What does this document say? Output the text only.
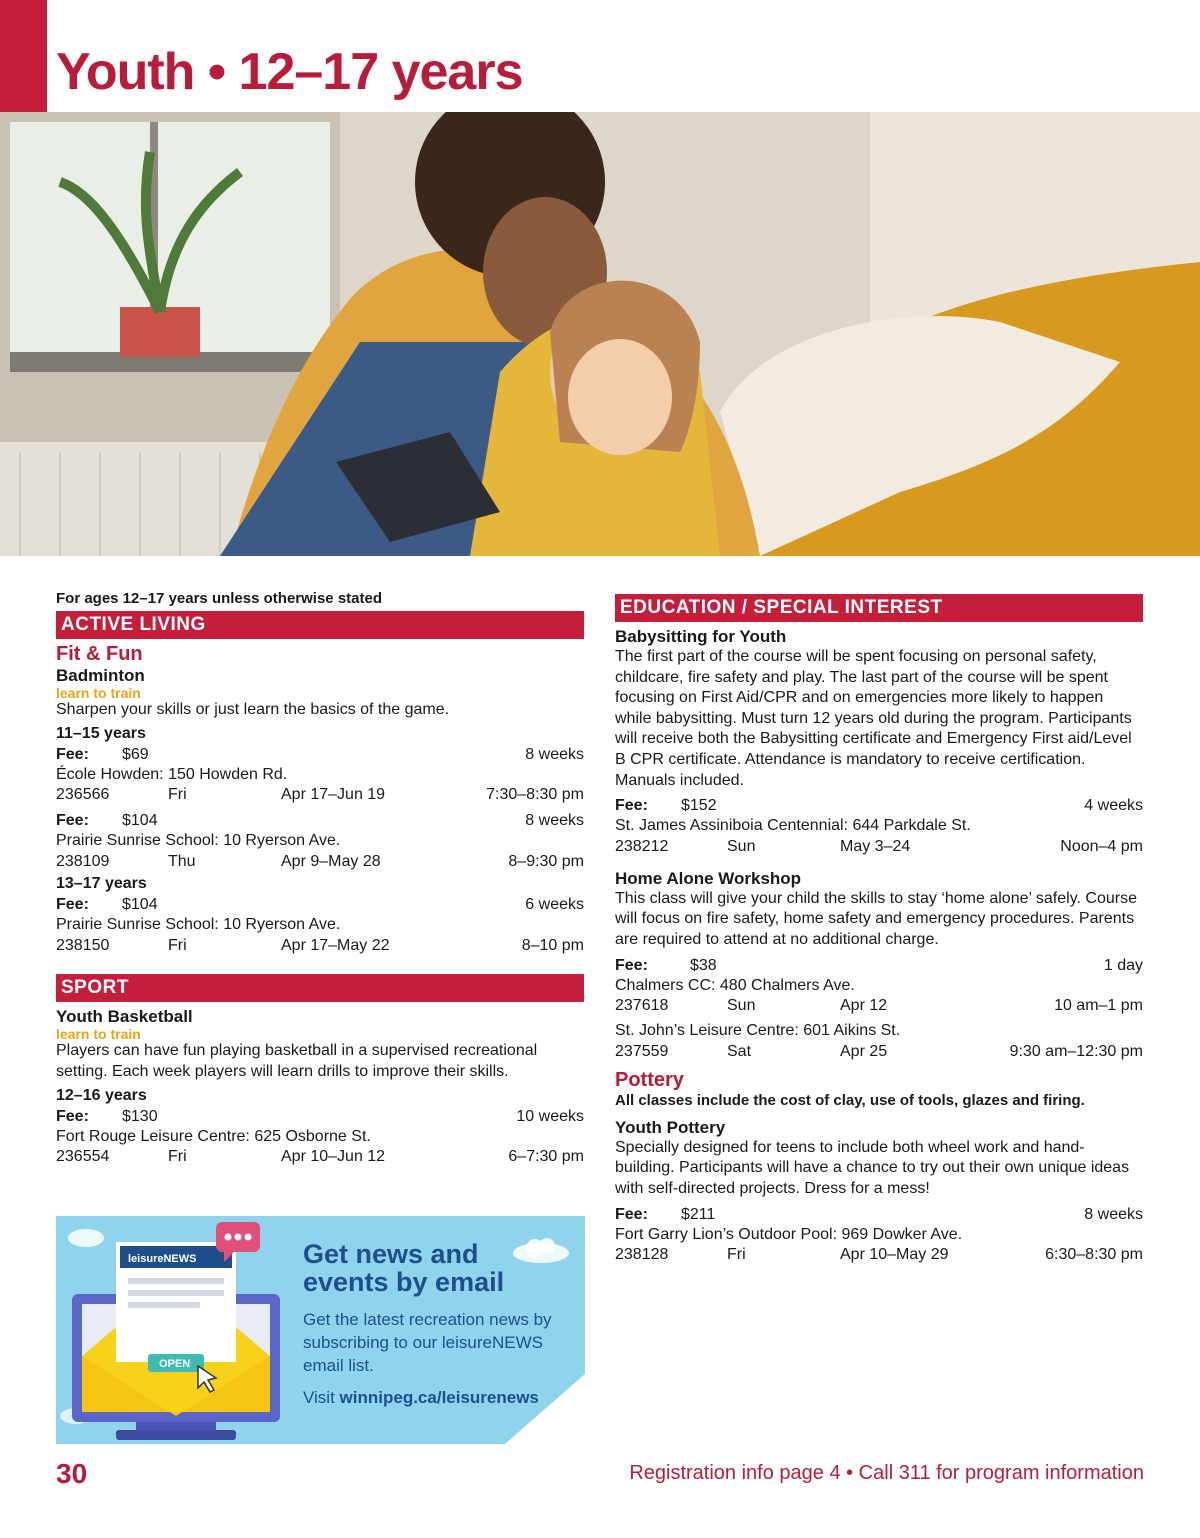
Youth • 12–17 years

For ages 12–17 years unless otherwise stated

ACTIVE LIVING
Fit & Fun
Badminton
learn to train
Sharpen your skills or just learn the basics of the game.
11–15 years
Fee:	$69	8 weeks
École Howden: 150 Howden Rd.
236566	Fri	Apr 17–Jun 19	7:30–8:30 pm
Fee:	$104	8 weeks
Prairie Sunrise School: 10 Ryerson Ave.
238109	Thu	Apr 9–May 28	8–9:30 pm
13–17 years
Fee:	$104	6 weeks
Prairie Sunrise School: 10 Ryerson Ave.
238150	Fri	Apr 17–May 22	8–10 pm
SPORT
Youth Basketball
learn to train
Players can have fun playing basketball in a supervised recreational setting. Each week players will learn drills to improve their skills.
12–16 years
Fee:	$130	10 weeks
Fort Rouge Leisure Centre: 625 Osborne St.
236554	Fri	Apr 10–Jun 12	6–7:30 pm
leisureNEWS
OPEN
Get news and
events by email
Get the latest recreation news by subscribing to our leisureNEWS email list.
Visit winnipeg.ca/leisurenews
EDUCATION / SPECIAL INTEREST
Babysitting for Youth
The first part of the course will be spent focusing on personal safety, childcare, fire safety and play. The last part of the course will be spent focusing on First Aid/CPR and on emergencies more likely to happen while babysitting. Must turn 12 years old during the program. Participants will receive both the Babysitting certificate and Emergency First aid/Level B CPR certificate. Attendance is mandatory to receive certification. Manuals included.
Fee:	$152	4 weeks
St. James Assiniboia Centennial: 644 Parkdale St.
238212	Sun	May 3–24	Noon–4 pm
Home Alone Workshop
This class will give your child the skills to stay ‘home alone’ safely. Course will focus on fire safety, home safety and emergency procedures. Parents are required to attend at no additional charge.
Fee:	$38	1 day
Chalmers CC: 480 Chalmers Ave.
237618	Sun	Apr 12	10 am–1 pm
St. John’s Leisure Centre: 601 Aikins St.
237559	Sat	Apr 25	9:30 am–12:30 pm
Pottery
All classes include the cost of clay, use of tools, glazes and firing.
Youth Pottery
Specially designed for teens to include both wheel work and hand-building. Participants will have a chance to try out their own unique ideas with self-directed projects. Dress for a mess!
Fee:	$211	8 weeks
Fort Garry Lion’s Outdoor Pool: 969 Dowker Ave.
238128	Fri	Apr 10–May 29	6:30–8:30 pm
30	Registration info page 4 • Call 311 for program information
